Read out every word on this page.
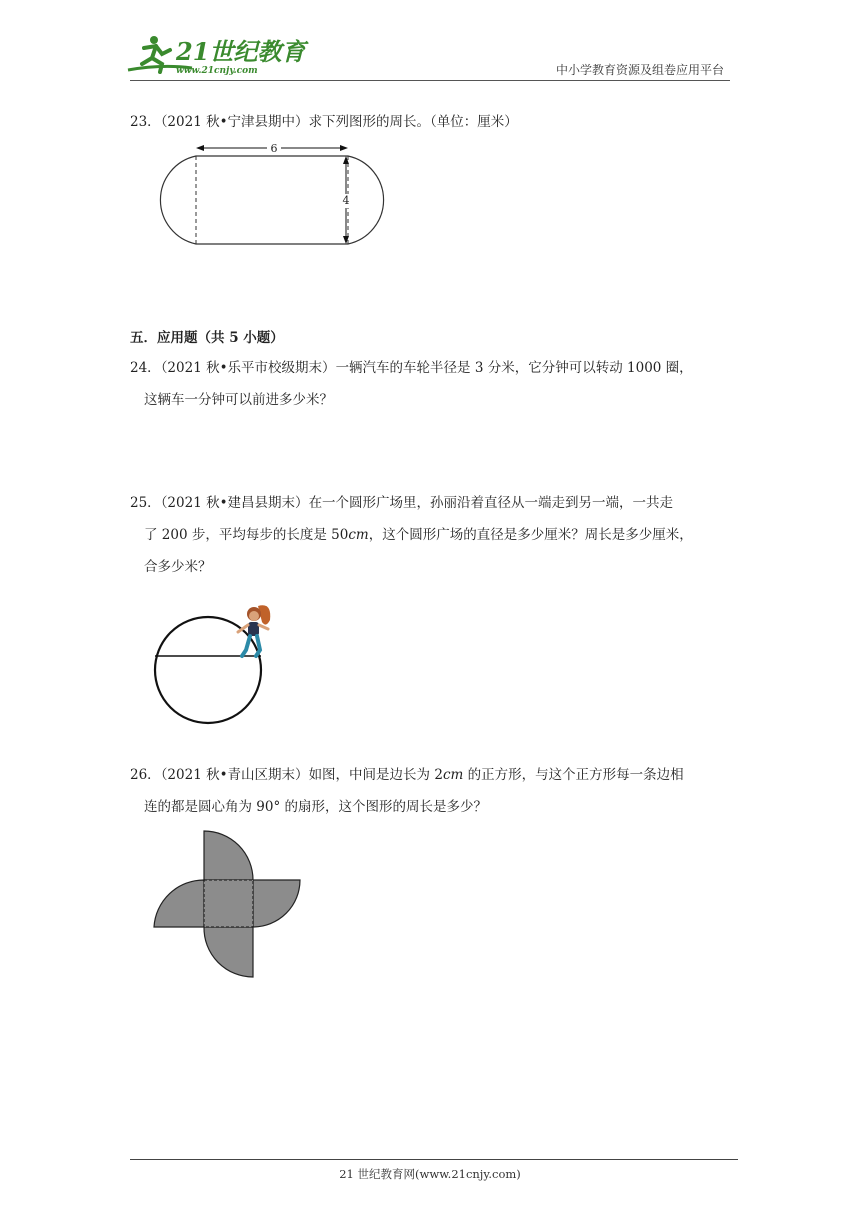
21世纪教育
www.21cnjy.com	中小学教育资源及组卷应用平台

23．（2021 秋•宁津县期中）求下列图形的周长。（单位：厘米）

6
4
五．应用题（共 5 小题）

24．（2021 秋•乐平市校级期末）一辆汽车的车轮半径是 3 分米，它分钟可以转动 1000 圈，

这辆车一分钟可以前进多少米？

25．（2021 秋•建昌县期末）在一个圆形广场里，孙丽沿着直径从一端走到另一端，一共走

了 200 步，平均每步的长度是 50cm，这个圆形广场的直径是多少厘米？周长是多少厘米，

合多少米？

26．（2021 秋•青山区期末）如图，中间是边长为 2cm 的正方形，与这个正方形每一条边相

连的都是圆心角为 90° 的扇形，这个图形的周长是多少？

21 世纪教育网(www.21cnjy.com)
